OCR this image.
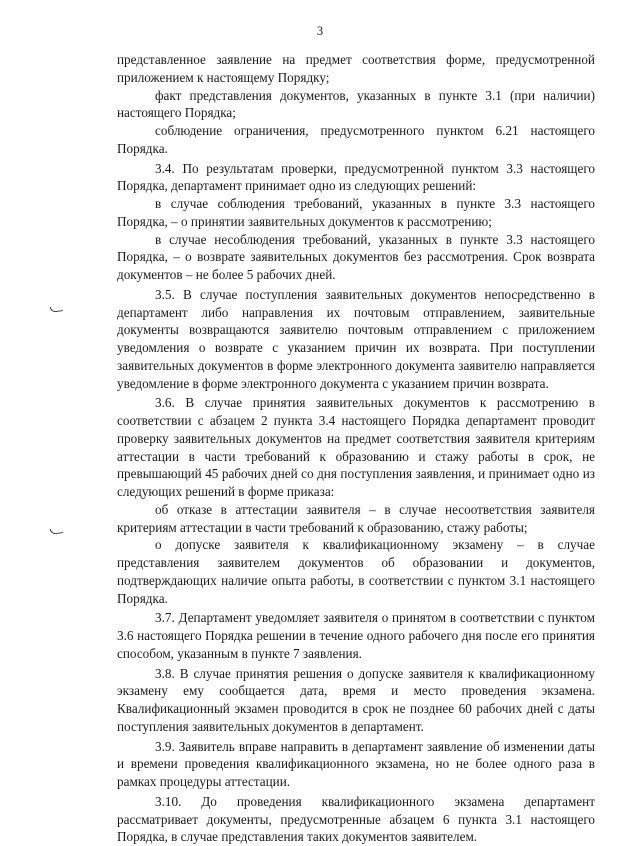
3

представленное заявление на предмет соответствия форме, предусмотренной приложением к настоящему Порядку;

факт представления документов, указанных в пункте 3.1 (при наличии) настоящего Порядка;

соблюдение ограничения, предусмотренного пунктом 6.21 настоящего Порядка.

3.4. По результатам проверки, предусмотренной пунктом 3.3 настоящего Порядка, департамент принимает одно из следующих решений:

в случае соблюдения требований, указанных в пункте 3.3 настоящего Порядка, – о принятии заявительных документов к рассмотрению;

в случае несоблюдения требований, указанных в пункте 3.3 настоящего Порядка, – о возврате заявительных документов без рассмотрения. Срок возврата документов – не более 5 рабочих дней.

3.5. В случае поступления заявительных документов непосредственно в департамент либо направления их почтовым отправлением, заявительные документы возвращаются заявителю почтовым отправлением с приложением уведомления о возврате с указанием причин их возврата. При поступлении заявительных документов в форме электронного документа заявителю направляется уведомление в форме электронного документа с указанием причин возврата.

3.6. В случае принятия заявительных документов к рассмотрению в соответствии с абзацем 2 пункта 3.4 настоящего Порядка департамент проводит проверку заявительных документов на предмет соответствия заявителя критериям аттестации в части требований к образованию и стажу работы в срок, не превышающий 45 рабочих дней со дня поступления заявления, и принимает одно из следующих решений в форме приказа:

об отказе в аттестации заявителя – в случае несоответствия заявителя критериям аттестации в части требований к образованию, стажу работы;

о допуске заявителя к квалификационному экзамену – в случае представления заявителем документов об образовании и документов, подтверждающих наличие опыта работы, в соответствии с пунктом 3.1 настоящего Порядка.

3.7. Департамент уведомляет заявителя о принятом в соответствии с пунктом 3.6 настоящего Порядка решении в течение одного рабочего дня после его принятия способом, указанным в пункте 7 заявления.

3.8. В случае принятия решения о допуске заявителя к квалификационному экзамену ему сообщается дата, время и место проведения экзамена. Квалификационный экзамен проводится в срок не позднее 60 рабочих дней с даты поступления заявительных документов в департамент.

3.9. Заявитель вправе направить в департамент заявление об изменении даты и времени проведения квалификационного экзамена, но не более одного раза в рамках процедуры аттестации.

3.10. До проведения квалификационного экзамена департамент рассматривает документы, предусмотренные абзацем 6 пункта 3.1 настоящего Порядка, в случае представления таких документов заявителем.
